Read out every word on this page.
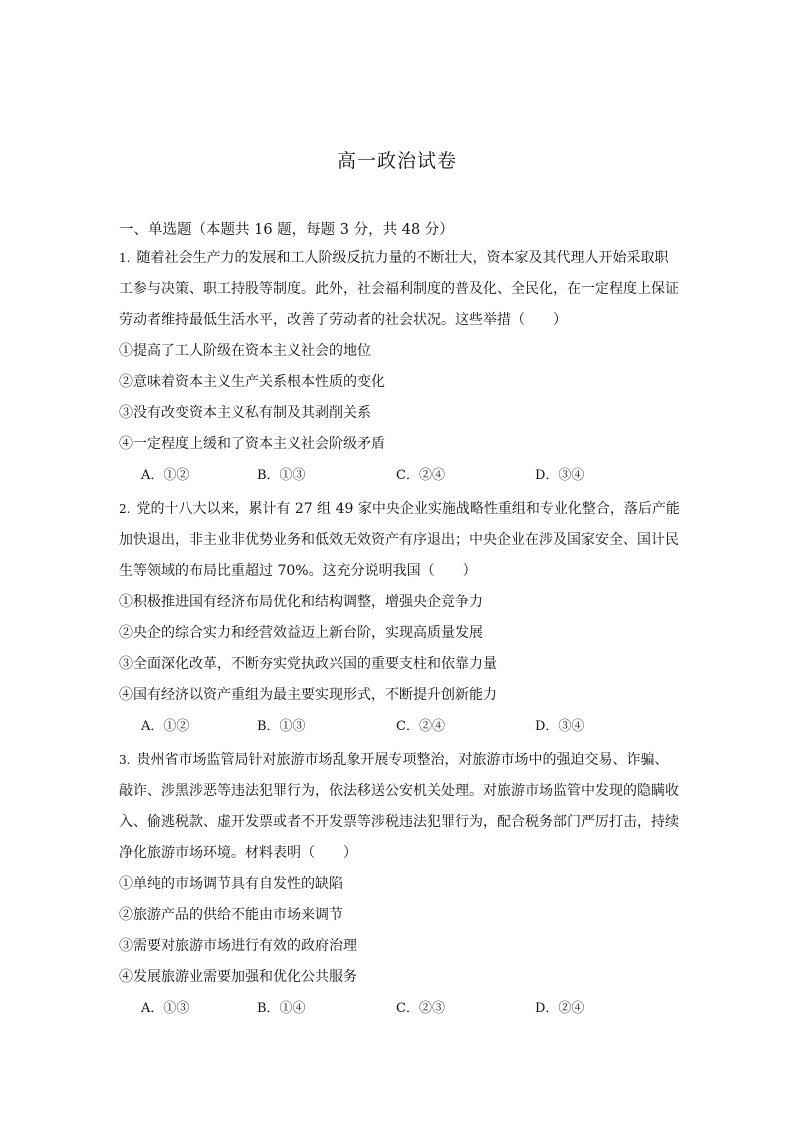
高一政治试卷
一、单选题（本题共 16 题，每题 3 分，共 48 分）
1. 随着社会生产力的发展和工人阶级反抗力量的不断壮大，资本家及其代理人开始采取职
工参与决策、职工持股等制度。此外，社会福利制度的普及化、全民化，在一定程度上保证
劳动者维持最低生活水平，改善了劳动者的社会状况。这些举措（　　）
①提高了工人阶级在资本主义社会的地位
②意味着资本主义生产关系根本性质的变化
③没有改变资本主义私有制及其剥削关系
④一定程度上缓和了资本主义社会阶级矛盾
A．①②	B．①③	C．②④	D．③④
2. 党的十八大以来，累计有 27 组 49 家中央企业实施战略性重组和专业化整合，落后产能
加快退出，非主业非优势业务和低效无效资产有序退出；中央企业在涉及国家安全、国计民
生等领域的布局比重超过 70%。这充分说明我国（　　）
①积极推进国有经济布局优化和结构调整，增强央企竞争力
②央企的综合实力和经营效益迈上新台阶，实现高质量发展
③全面深化改革，不断夯实党执政兴国的重要支柱和依靠力量
④国有经济以资产重组为最主要实现形式，不断提升创新能力
A．①②	B．①③	C．②④	D．③④
3. 贵州省市场监管局针对旅游市场乱象开展专项整治，对旅游市场中的强迫交易、诈骗、
敲诈、涉黑涉恶等违法犯罪行为，依法移送公安机关处理。对旅游市场监管中发现的隐瞒收
入、偷逃税款、虚开发票或者不开发票等涉税违法犯罪行为，配合税务部门严厉打击，持续
净化旅游市场环境。材料表明（　　）
①单纯的市场调节具有自发性的缺陷
②旅游产品的供给不能由市场来调节
③需要对旅游市场进行有效的政府治理
④发展旅游业需要加强和优化公共服务
A．①③	B．①④	C．②③	D．②④
